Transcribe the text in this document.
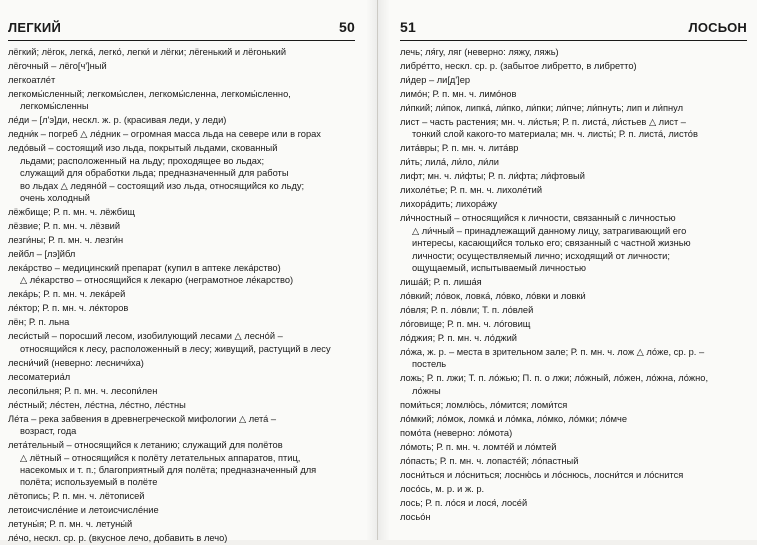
ЛЕГКИЙ	50
лёгкий; лёгок, легка́, легко́, легки́ и лёгки; лёгенький и лёгонький
лёгочный – лёго[ч']ный
легкоатле́т
легкомы́сленный; легкомы́слен, легкомы́сленна, легкомы́сленно,
легкомы́сленны
ле́ди – [л'э]ди, нескл. ж. р. (красивая леди, у леди)
ледни́к – погреб △ ле́дник – огромная масса льда на севере или в горах
ледо́вый – состоящий изо льда, покрытый льдами, скованный
льдами; расположенный на льду; проходящее во льдах;
служащий для обработки льда; предназначенный для работы
во льдах △ ледяно́й – состоящий изо льда, относящийся ко льду;
очень холодный
лёжбище; Р. п. мн. ч. лёжбищ
лёзвие; Р. п. мн. ч. лёзвий
лезги́ны; Р. п. мн. ч. лезги́н
лейбл – [лэ]йбл
лека́рство – медицинский препарат (купил в аптеке лека́рство)
△ ле́карство – относящийся к лекарю (неграмотное ле́карство)
лека́рь; Р. п. мн. ч. лека́рей
ле́ктор; Р. п. мн. ч. ле́кторов
лён; Р. п. льна
леси́стый – поросший лесом, изобилующий лесами △ лесно́й –
относящийся к лесу, расположенный в лесу; живущий, растущий в лесу
лесни́чий (неверно: лесничи́ха)
лесоматериа́л
лесопи́льня; Р. п. мн. ч. лесопи́лен
ле́стный; ле́стен, ле́стна, ле́стно, ле́стны
Ле́та – река забвения в древнегреческой мифологии △ лета́ –
возраст, года
лета́тельный – относящийся к летанию; служащий для полётов
△ лётный – относящийся к полёту летательных аппаратов, птиц,
насекомых и т. п.; благоприятный для полёта; предназначенный для
полёта; используемый в полёте
лётопись; Р. п. мн. ч. лётописей
летоисчисле́ние и летоисчисле́ние
летуны́я; Р. п. мн. ч. летуны́й
ле́чо, нескл. ср. р. (вкусное лечо, добавить в лечо)
51	ЛОСЬОН
лечь; ля́гу, ляг (неверно: ляжу, ляжь)
либре́тто, нескл. ср. р. (забытое либретто, в либретто)
ли́дер – ли[д']ер
лимо́н; Р. п. мн. ч. лимо́нов
ли́пкий; ли́пок, липка́, ли́пко, ли́пки; ли́пче; ли́пнуть; лип и ли́пнул
лист – часть растения; мн. ч. ли́стья; Р. п. листа́, ли́стьев △ лист –
тонкий слой какого-то материала; мн. ч. листы́; Р. п. листа́, листо́в
лита́вры; Р. п. мн. ч. лита́вр
ли́ть; лила́, ли́ло, ли́ли
лифт; мн. ч. ли́фты; Р. п. ли́фта; ли́фтовый
лихоле́тье; Р. п. мн. ч. лихоле́тий
лихора́дить; лихора́жу
ли́чностный – относящийся к личности, связанный с личностью
△ ли́чный – принадлежащий данному лицу, затрагивающий его
интересы, касающийся только его; связанный с частной жизнью
личности; осуществляемый лично; исходящий от личности;
ощущаемый, испытываемый личностью
лиша́й; Р. п. лиша́я
ло́вкий; ло́вок, ловка́, ло́вко, ло́вки и ловки́
ло́вля; Р. п. ло́вли; Т. п. ло́влей
ло́говище; Р. п. мн. ч. ло́говищ
ло́джия; Р. п. мн. ч. ло́джий
ло́жа, ж. р. – места в зрительном зале; Р. п. мн. ч. лож △ ло́же, ср. р. –
постель
ложь; Р. п. лжи; Т. п. ло́жью; П. п. о лжи; ло́жный, ло́жен, ло́жна, ло́жно,
ло́жны
поми́ться; ломлю́сь, ло́мится; ломи́тся
ло́мкий; ло́мок, ломка́ и ло́мка, ло́мко, ло́мки; ло́мче
помо́та (неверно: ло́мота)
ло́моть; Р. п. мн. ч. ломте́й и ло́мтей
ло́пасть; Р. п. мн. ч. лопасте́й; ло́пастный
лосни́ться и ло́сниться; лосню́сь и ло́снюсь, лосни́тся и ло́снится
лосо́сь, м. р. и ж. р.
лось; Р. п. ло́ся и лося́, лосе́й
лосьо́н
